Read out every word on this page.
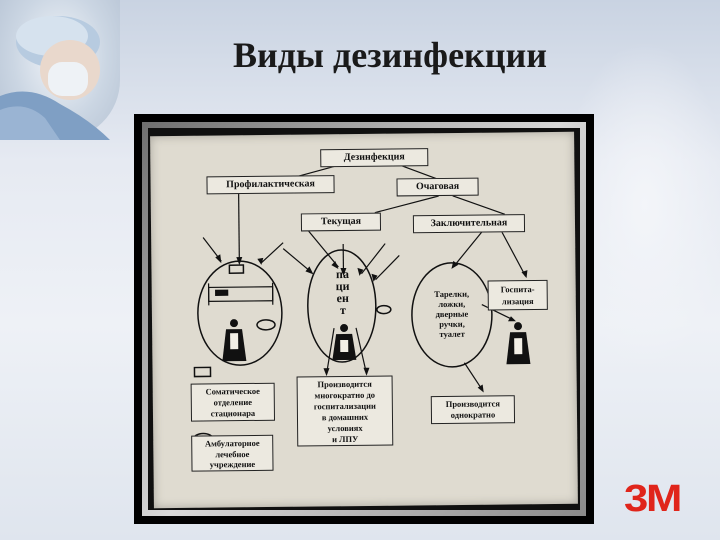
Виды дезинфекции
Дезинфекция
Профилактическая	Очаговая
Текущая	Заключительная
пациент
Тарелки,
ложки,
дверные
ручки,
туалет
Госпита-
лизация
Соматическое
отделение
стационара
Производится
многократно до
госпитализации
в домашних
условиях
и ЛПУ
Производится
однократно
Амбулаторное
лечебное
учреждение
3M
